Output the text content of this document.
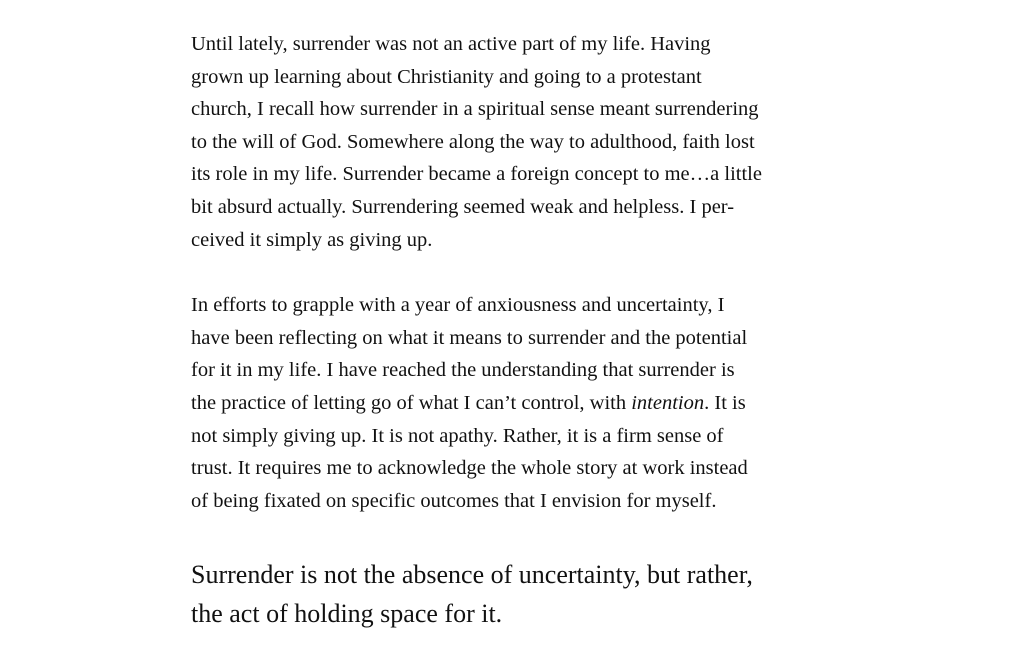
Until lately, surrender was not an active part of my life. Having
grown up learning about Christianity and going to a protestant
church, I recall how surrender in a spiritual sense meant surrendering
to the will of God. Somewhere along the way to adulthood, faith lost
its role in my life. Surrender became a foreign concept to me…a little
bit absurd actually. Surrendering seemed weak and helpless. I per-
ceived it simply as giving up.

In efforts to grapple with a year of anxiousness and uncertainty, I
have been reflecting on what it means to surrender and the potential
for it in my life. I have reached the understanding that surrender is
the practice of letting go of what I can’t control, with intention. It is
not simply giving up. It is not apathy. Rather, it is a firm sense of
trust. It requires me to acknowledge the whole story at work instead
of being fixated on specific outcomes that I envision for myself.

Surrender is not the absence of uncertainty, but rather,
the act of holding space for it.
